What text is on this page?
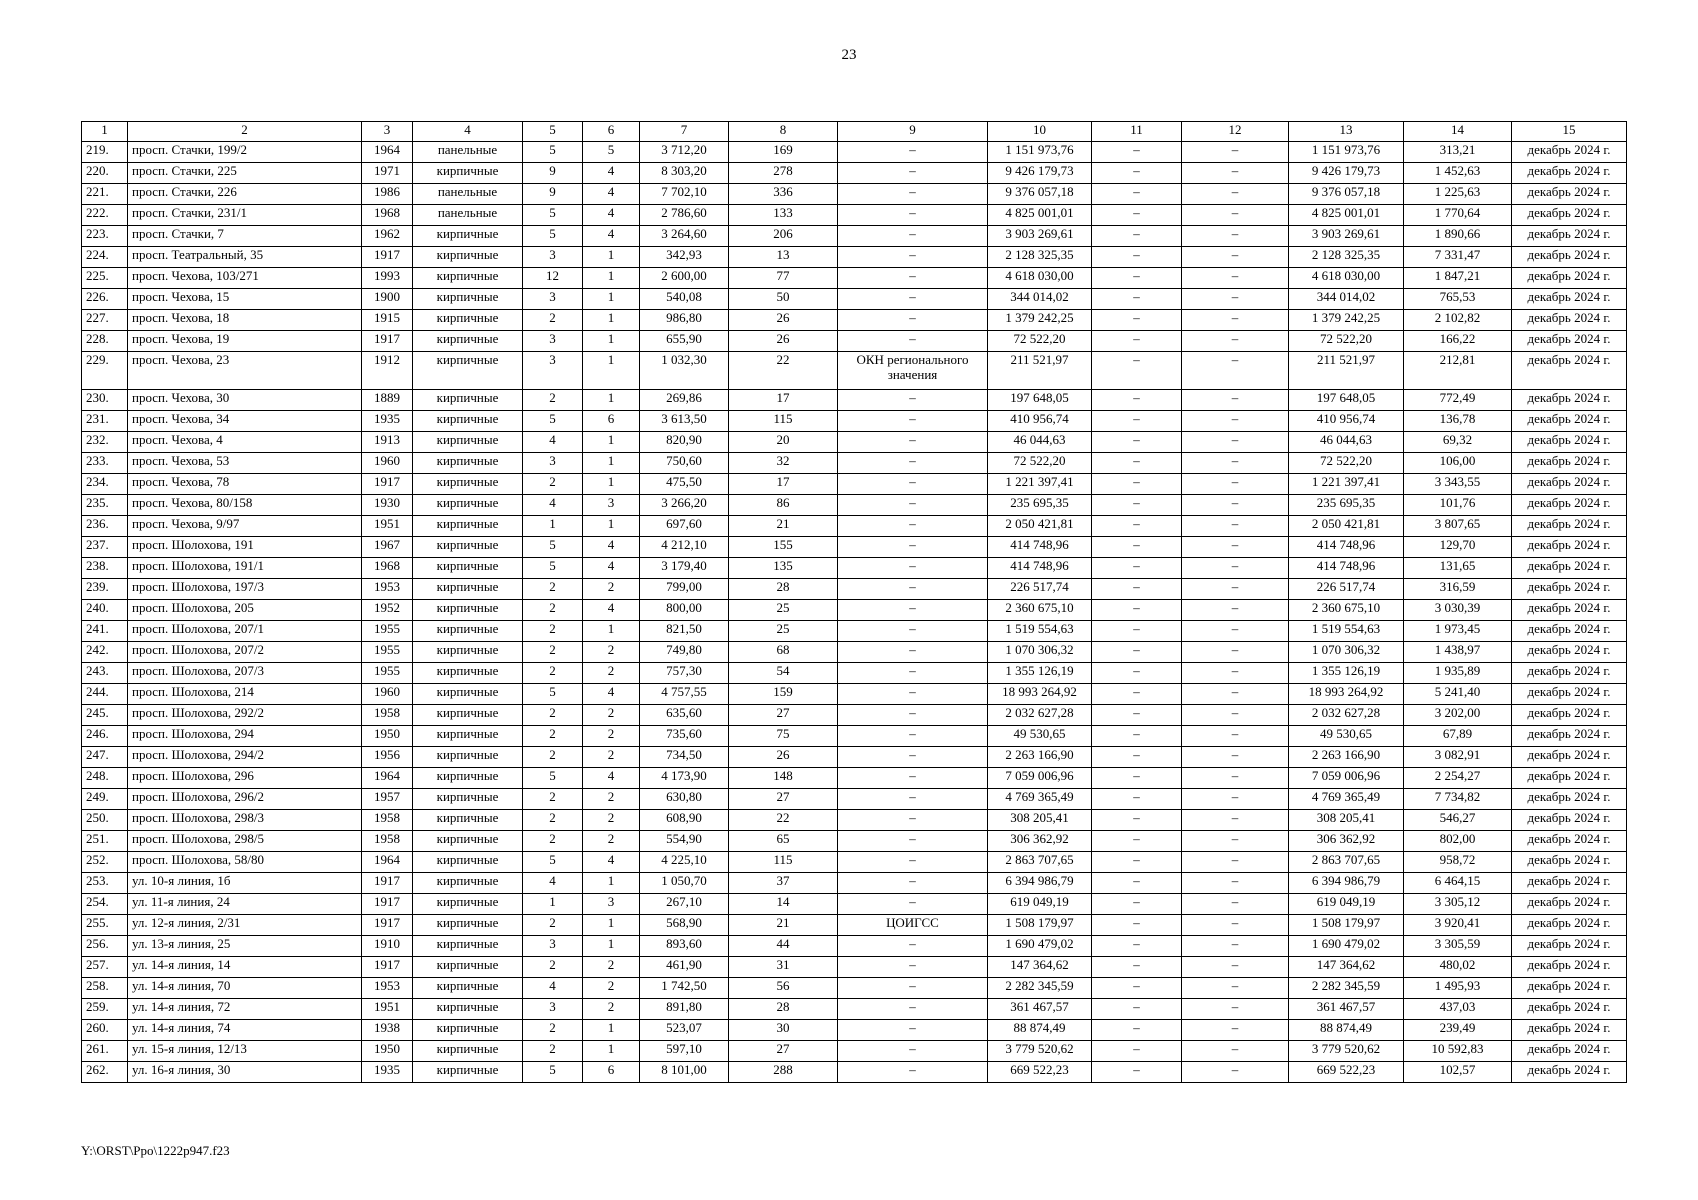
23
1	2	3	4	5	6	7	8	9	10	11	12	13	14	15
219.	просп. Стачки, 199/2	1964	панельные	5	5	3 712,20	169	–	1 151 973,76	–	–	1 151 973,76	313,21	декабрь 2024 г.
220.	просп. Стачки, 225	1971	кирпичные	9	4	8 303,20	278	–	9 426 179,73	–	–	9 426 179,73	1 452,63	декабрь 2024 г.
221.	просп. Стачки, 226	1986	панельные	9	4	7 702,10	336	–	9 376 057,18	–	–	9 376 057,18	1 225,63	декабрь 2024 г.
222.	просп. Стачки, 231/1	1968	панельные	5	4	2 786,60	133	–	4 825 001,01	–	–	4 825 001,01	1 770,64	декабрь 2024 г.
223.	просп. Стачки, 7	1962	кирпичные	5	4	3 264,60	206	–	3 903 269,61	–	–	3 903 269,61	1 890,66	декабрь 2024 г.
224.	просп. Театральный, 35	1917	кирпичные	3	1	342,93	13	–	2 128 325,35	–	–	2 128 325,35	7 331,47	декабрь 2024 г.
225.	просп. Чехова, 103/271	1993	кирпичные	12	1	2 600,00	77	–	4 618 030,00	–	–	4 618 030,00	1 847,21	декабрь 2024 г.
226.	просп. Чехова, 15	1900	кирпичные	3	1	540,08	50	–	344 014,02	–	–	344 014,02	765,53	декабрь 2024 г.
227.	просп. Чехова, 18	1915	кирпичные	2	1	986,80	26	–	1 379 242,25	–	–	1 379 242,25	2 102,82	декабрь 2024 г.
228.	просп. Чехова, 19	1917	кирпичные	3	1	655,90	26	–	72 522,20	–	–	72 522,20	166,22	декабрь 2024 г.
229.	просп. Чехова, 23	1912	кирпичные	3	1	1 032,30	22	ОКН регионального значения	211 521,97	–	–	211 521,97	212,81	декабрь 2024 г.
230.	просп. Чехова, 30	1889	кирпичные	2	1	269,86	17	–	197 648,05	–	–	197 648,05	772,49	декабрь 2024 г.
231.	просп. Чехова, 34	1935	кирпичные	5	6	3 613,50	115	–	410 956,74	–	–	410 956,74	136,78	декабрь 2024 г.
232.	просп. Чехова, 4	1913	кирпичные	4	1	820,90	20	–	46 044,63	–	–	46 044,63	69,32	декабрь 2024 г.
233.	просп. Чехова, 53	1960	кирпичные	3	1	750,60	32	–	72 522,20	–	–	72 522,20	106,00	декабрь 2024 г.
234.	просп. Чехова, 78	1917	кирпичные	2	1	475,50	17	–	1 221 397,41	–	–	1 221 397,41	3 343,55	декабрь 2024 г.
235.	просп. Чехова, 80/158	1930	кирпичные	4	3	3 266,20	86	–	235 695,35	–	–	235 695,35	101,76	декабрь 2024 г.
236.	просп. Чехова, 9/97	1951	кирпичные	1	1	697,60	21	–	2 050 421,81	–	–	2 050 421,81	3 807,65	декабрь 2024 г.
237.	просп. Шолохова, 191	1967	кирпичные	5	4	4 212,10	155	–	414 748,96	–	–	414 748,96	129,70	декабрь 2024 г.
238.	просп. Шолохова, 191/1	1968	кирпичные	5	4	3 179,40	135	–	414 748,96	–	–	414 748,96	131,65	декабрь 2024 г.
239.	просп. Шолохова, 197/3	1953	кирпичные	2	2	799,00	28	–	226 517,74	–	–	226 517,74	316,59	декабрь 2024 г.
240.	просп. Шолохова, 205	1952	кирпичные	2	4	800,00	25	–	2 360 675,10	–	–	2 360 675,10	3 030,39	декабрь 2024 г.
241.	просп. Шолохова, 207/1	1955	кирпичные	2	1	821,50	25	–	1 519 554,63	–	–	1 519 554,63	1 973,45	декабрь 2024 г.
242.	просп. Шолохова, 207/2	1955	кирпичные	2	2	749,80	68	–	1 070 306,32	–	–	1 070 306,32	1 438,97	декабрь 2024 г.
243.	просп. Шолохова, 207/3	1955	кирпичные	2	2	757,30	54	–	1 355 126,19	–	–	1 355 126,19	1 935,89	декабрь 2024 г.
244.	просп. Шолохова, 214	1960	кирпичные	5	4	4 757,55	159	–	18 993 264,92	–	–	18 993 264,92	5 241,40	декабрь 2024 г.
245.	просп. Шолохова, 292/2	1958	кирпичные	2	2	635,60	27	–	2 032 627,28	–	–	2 032 627,28	3 202,00	декабрь 2024 г.
246.	просп. Шолохова, 294	1950	кирпичные	2	2	735,60	75	–	49 530,65	–	–	49 530,65	67,89	декабрь 2024 г.
247.	просп. Шолохова, 294/2	1956	кирпичные	2	2	734,50	26	–	2 263 166,90	–	–	2 263 166,90	3 082,91	декабрь 2024 г.
248.	просп. Шолохова, 296	1964	кирпичные	5	4	4 173,90	148	–	7 059 006,96	–	–	7 059 006,96	2 254,27	декабрь 2024 г.
249.	просп. Шолохова, 296/2	1957	кирпичные	2	2	630,80	27	–	4 769 365,49	–	–	4 769 365,49	7 734,82	декабрь 2024 г.
250.	просп. Шолохова, 298/3	1958	кирпичные	2	2	608,90	22	–	308 205,41	–	–	308 205,41	546,27	декабрь 2024 г.
251.	просп. Шолохова, 298/5	1958	кирпичные	2	2	554,90	65	–	306 362,92	–	–	306 362,92	802,00	декабрь 2024 г.
252.	просп. Шолохова, 58/80	1964	кирпичные	5	4	4 225,10	115	–	2 863 707,65	–	–	2 863 707,65	958,72	декабрь 2024 г.
253.	ул. 10-я линия, 1б	1917	кирпичные	4	1	1 050,70	37	–	6 394 986,79	–	–	6 394 986,79	6 464,15	декабрь 2024 г.
254.	ул. 11-я линия, 24	1917	кирпичные	1	3	267,10	14	–	619 049,19	–	–	619 049,19	3 305,12	декабрь 2024 г.
255.	ул. 12-я линия, 2/31	1917	кирпичные	2	1	568,90	21	ЦОИГСС	1 508 179,97	–	–	1 508 179,97	3 920,41	декабрь 2024 г.
256.	ул. 13-я линия, 25	1910	кирпичные	3	1	893,60	44	–	1 690 479,02	–	–	1 690 479,02	3 305,59	декабрь 2024 г.
257.	ул. 14-я линия, 14	1917	кирпичные	2	2	461,90	31	–	147 364,62	–	–	147 364,62	480,02	декабрь 2024 г.
258.	ул. 14-я линия, 70	1953	кирпичные	4	2	1 742,50	56	–	2 282 345,59	–	–	2 282 345,59	1 495,93	декабрь 2024 г.
259.	ул. 14-я линия, 72	1951	кирпичные	3	2	891,80	28	–	361 467,57	–	–	361 467,57	437,03	декабрь 2024 г.
260.	ул. 14-я линия, 74	1938	кирпичные	2	1	523,07	30	–	88 874,49	–	–	88 874,49	239,49	декабрь 2024 г.
261.	ул. 15-я линия, 12/13	1950	кирпичные	2	1	597,10	27	–	3 779 520,62	–	–	3 779 520,62	10 592,83	декабрь 2024 г.
262.	ул. 16-я линия, 30	1935	кирпичные	5	6	8 101,00	288	–	669 522,23	–	–	669 522,23	102,57	декабрь 2024 г.
Y:\ORST\Ppo\1222p947.f23
